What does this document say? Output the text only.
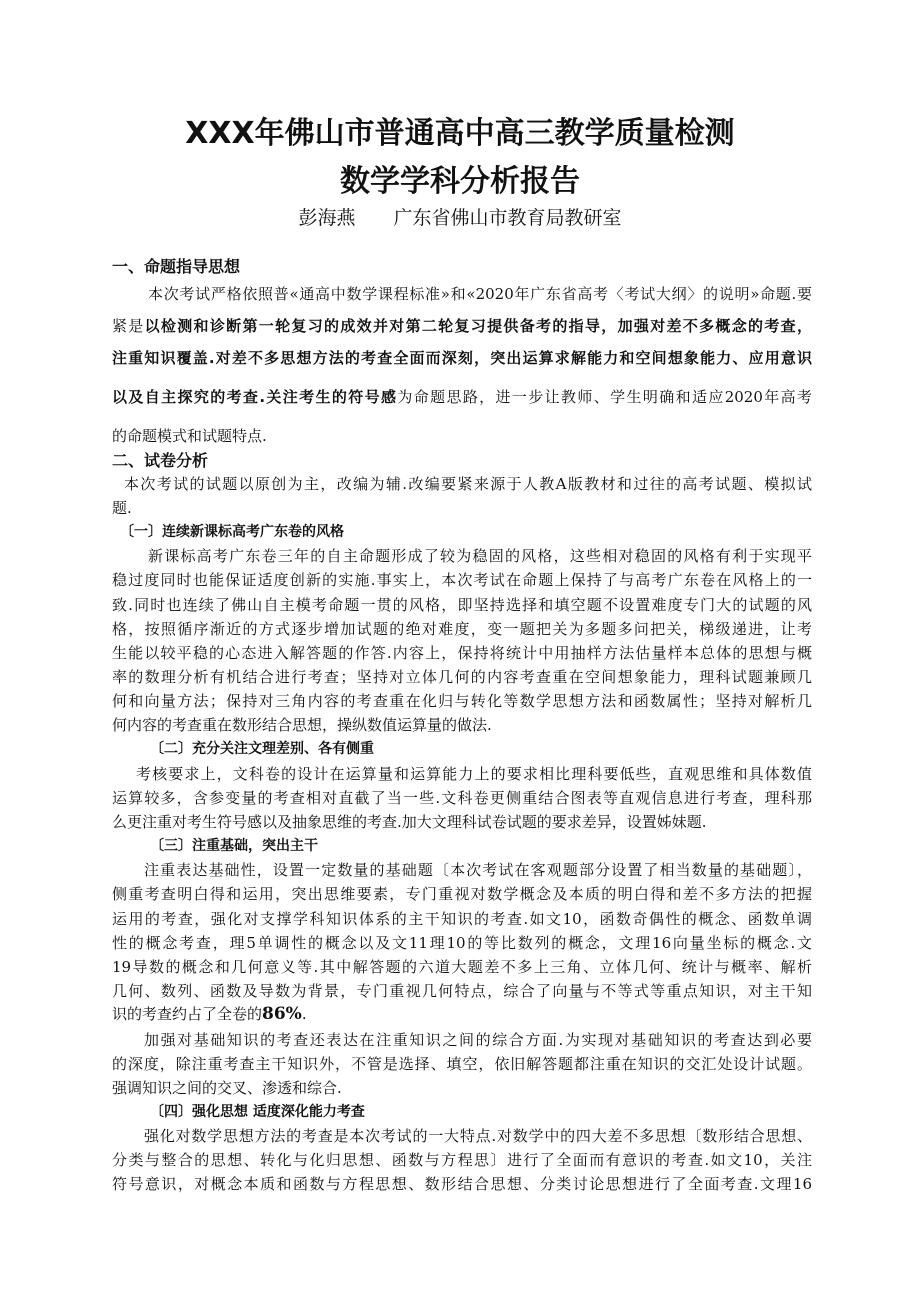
XXX年佛山市普通高中高三教学质量检测
数学学科分析报告
彭海燕 广东省佛山市教育局教研室
一、命题指导思想
本次考试严格依照普«通高中数学课程标准»和«2020年广东省高考〈考试大纲〉的说明»命题.要
紧是以检测和诊断第一轮复习的成效并对第二轮复习提供备考的指导，加强对差不多概念的考查，
注重知识覆盖.对差不多思想方法的考查全面而深刻，突出运算求解能力和空间想象能力、应用意识
以及自主探究的考查.关注考生的符号感为命题思路，进一步让教师、学生明确和适应2020年高考
的命题模式和试题特点.
二、试卷分析
本次考试的试题以原创为主，改编为辅.改编要紧来源于人教A版教材和过往的高考试题、模拟试
题.
〔一〕连续新课标高考广东卷的风格
新课标高考广东卷三年的自主命题形成了较为稳固的风格，这些相对稳固的风格有利于实现平
稳过度同时也能保证适度创新的实施.事实上，本次考试在命题上保持了与高考广东卷在风格上的一
致.同时也连续了佛山自主模考命题一贯的风格，即坚持选择和填空题不设置难度专门大的试题的风
格，按照循序渐近的方式逐步增加试题的绝对难度，变一题把关为多题多问把关，梯级递进，让考
生能以较平稳的心态进入解答题的作答.内容上，保持将统计中用抽样方法估量样本总体的思想与概
率的数理分析有机结合进行考查；坚持对立体几何的内容考查重在空间想象能力，理科试题兼顾几
何和向量方法；保持对三角内容的考查重在化归与转化等数学思想方法和函数属性；坚持对解析几
何内容的考查重在数形结合思想，操纵数值运算量的做法.
〔二〕充分关注文理差别、各有侧重
考核要求上，文科卷的设计在运算量和运算能力上的要求相比理科要低些，直观思维和具体数值
运算较多，含参变量的考查相对直截了当一些.文科卷更侧重结合图表等直观信息进行考查，理科那
么更注重对考生符号感以及抽象思维的考查.加大文理科试卷试题的要求差异，设置姊妹题.
〔三〕注重基础，突出主干
注重表达基础性，设置一定数量的基础题〔本次考试在客观题部分设置了相当数量的基础题〕，
侧重考查明白得和运用，突出思维要素，专门重视对数学概念及本质的明白得和差不多方法的把握
运用的考查，强化对支撑学科知识体系的主干知识的考查.如文10，函数奇偶性的概念、函数单调
性的概念考查，理5单调性的概念以及文11理10的等比数列的概念，文理16向量坐标的概念.文
19导数的概念和几何意义等.其中解答题的六道大题差不多上三角、立体几何、统计与概率、解析
几何、数列、函数及导数为背景，专门重视几何特点，综合了向量与不等式等重点知识，对主干知
识的考查约占了全卷的86%.
加强对基础知识的考查还表达在注重知识之间的综合方面.为实现对基础知识的考查达到必要
的深度，除注重考查主干知识外，不管是选择、填空，依旧解答题都注重在知识的交汇处设计试题。
强调知识之间的交叉、渗透和综合.
〔四〕强化思想 适度深化能力考查
强化对数学思想方法的考查是本次考试的一大特点.对数学中的四大差不多思想〔数形结合思想、
分类与整合的思想、转化与化归思想、函数与方程思〕进行了全面而有意识的考查.如文10，关注
符号意识，对概念本质和函数与方程思想、数形结合思想、分类讨论思想进行了全面考查.文理16
